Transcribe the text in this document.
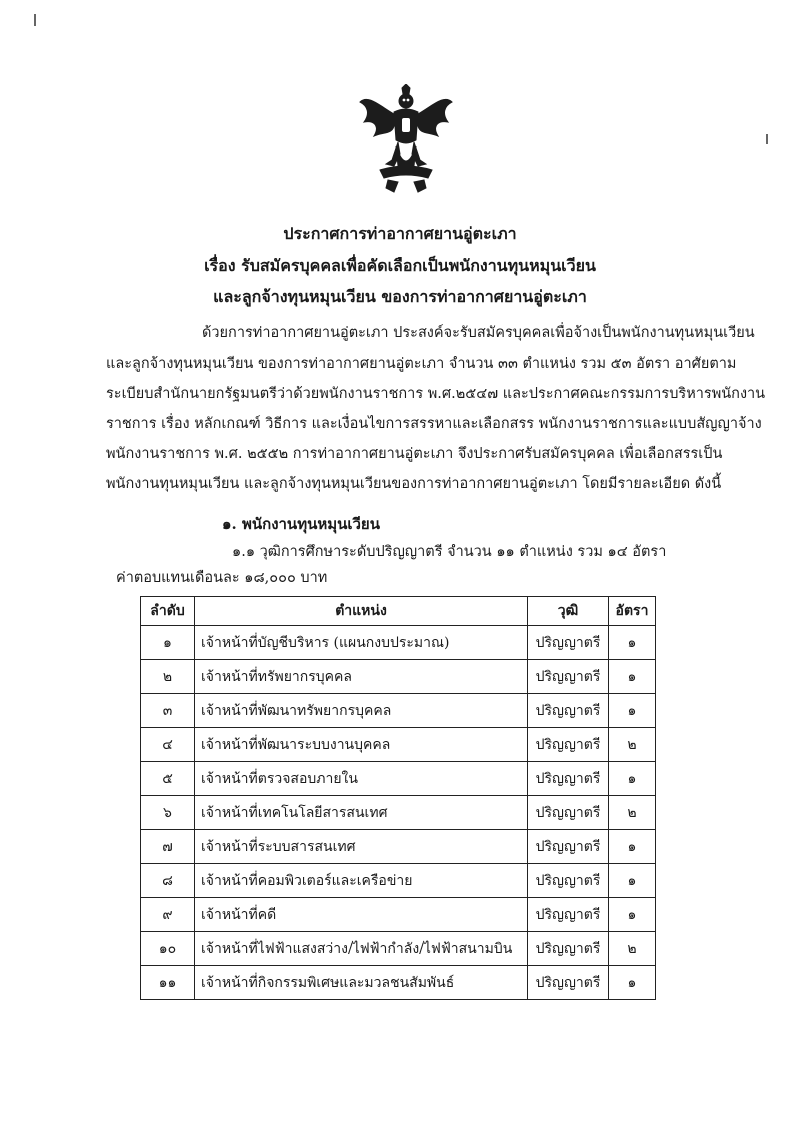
ประกาศการท่าอากาศยานอู่ตะเภา
เรื่อง รับสมัครบุคคลเพื่อคัดเลือกเป็นพนักงานทุนหมุนเวียน
และลูกจ้างทุนหมุนเวียน ของการท่าอากาศยานอู่ตะเภา
ด้วยการท่าอากาศยานอู่ตะเภา ประสงค์จะรับสมัครบุคคลเพื่อจ้างเป็นพนักงานทุนหมุนเวียน
และลูกจ้างทุนหมุนเวียน ของการท่าอากาศยานอู่ตะเภา จำนวน ๓๓ ตำแหน่ง รวม ๕๓ อัตรา อาศัยตาม
ระเบียบสำนักนายกรัฐมนตรีว่าด้วยพนักงานราชการ พ.ศ.๒๕๔๗ และประกาศคณะกรรมการบริหารพนักงาน
ราชการ เรื่อง หลักเกณฑ์ วิธีการ และเงื่อนไขการสรรหาและเลือกสรร พนักงานราชการและแบบสัญญาจ้าง
พนักงานราชการ พ.ศ. ๒๕๕๒ การท่าอากาศยานอู่ตะเภา จึงประกาศรับสมัครบุคคล เพื่อเลือกสรรเป็น
พนักงานทุนหมุนเวียน และลูกจ้างทุนหมุนเวียนของการท่าอากาศยานอู่ตะเภา โดยมีรายละเอียด ดังนี้
๑. พนักงานทุนหมุนเวียน
๑.๑ วุฒิการศึกษาระดับปริญญาตรี จำนวน ๑๑ ตำแหน่ง รวม ๑๔ อัตรา
ค่าตอบแทนเดือนละ ๑๘,๐๐๐ บาท
ลำดับ	ตำแหน่ง	วุฒิ	อัตรา
๑	เจ้าหน้าที่บัญชีบริหาร (แผนกงบประมาณ)	ปริญญาตรี	๑
๒	เจ้าหน้าที่ทรัพยากรบุคคล	ปริญญาตรี	๑
๓	เจ้าหน้าที่พัฒนาทรัพยากรบุคคล	ปริญญาตรี	๑
๔	เจ้าหน้าที่พัฒนาระบบงานบุคคล	ปริญญาตรี	๒
๕	เจ้าหน้าที่ตรวจสอบภายใน	ปริญญาตรี	๑
๖	เจ้าหน้าที่เทคโนโลยีสารสนเทศ	ปริญญาตรี	๒
๗	เจ้าหน้าที่ระบบสารสนเทศ	ปริญญาตรี	๑
๘	เจ้าหน้าที่คอมพิวเตอร์และเครือข่าย	ปริญญาตรี	๑
๙	เจ้าหน้าที่คดี	ปริญญาตรี	๑
๑๐	เจ้าหน้าที่ไฟฟ้าแสงสว่าง/ไฟฟ้ากำลัง/ไฟฟ้าสนามบิน	ปริญญาตรี	๒
๑๑	เจ้าหน้าที่กิจกรรมพิเศษและมวลชนสัมพันธ์	ปริญญาตรี	๑
